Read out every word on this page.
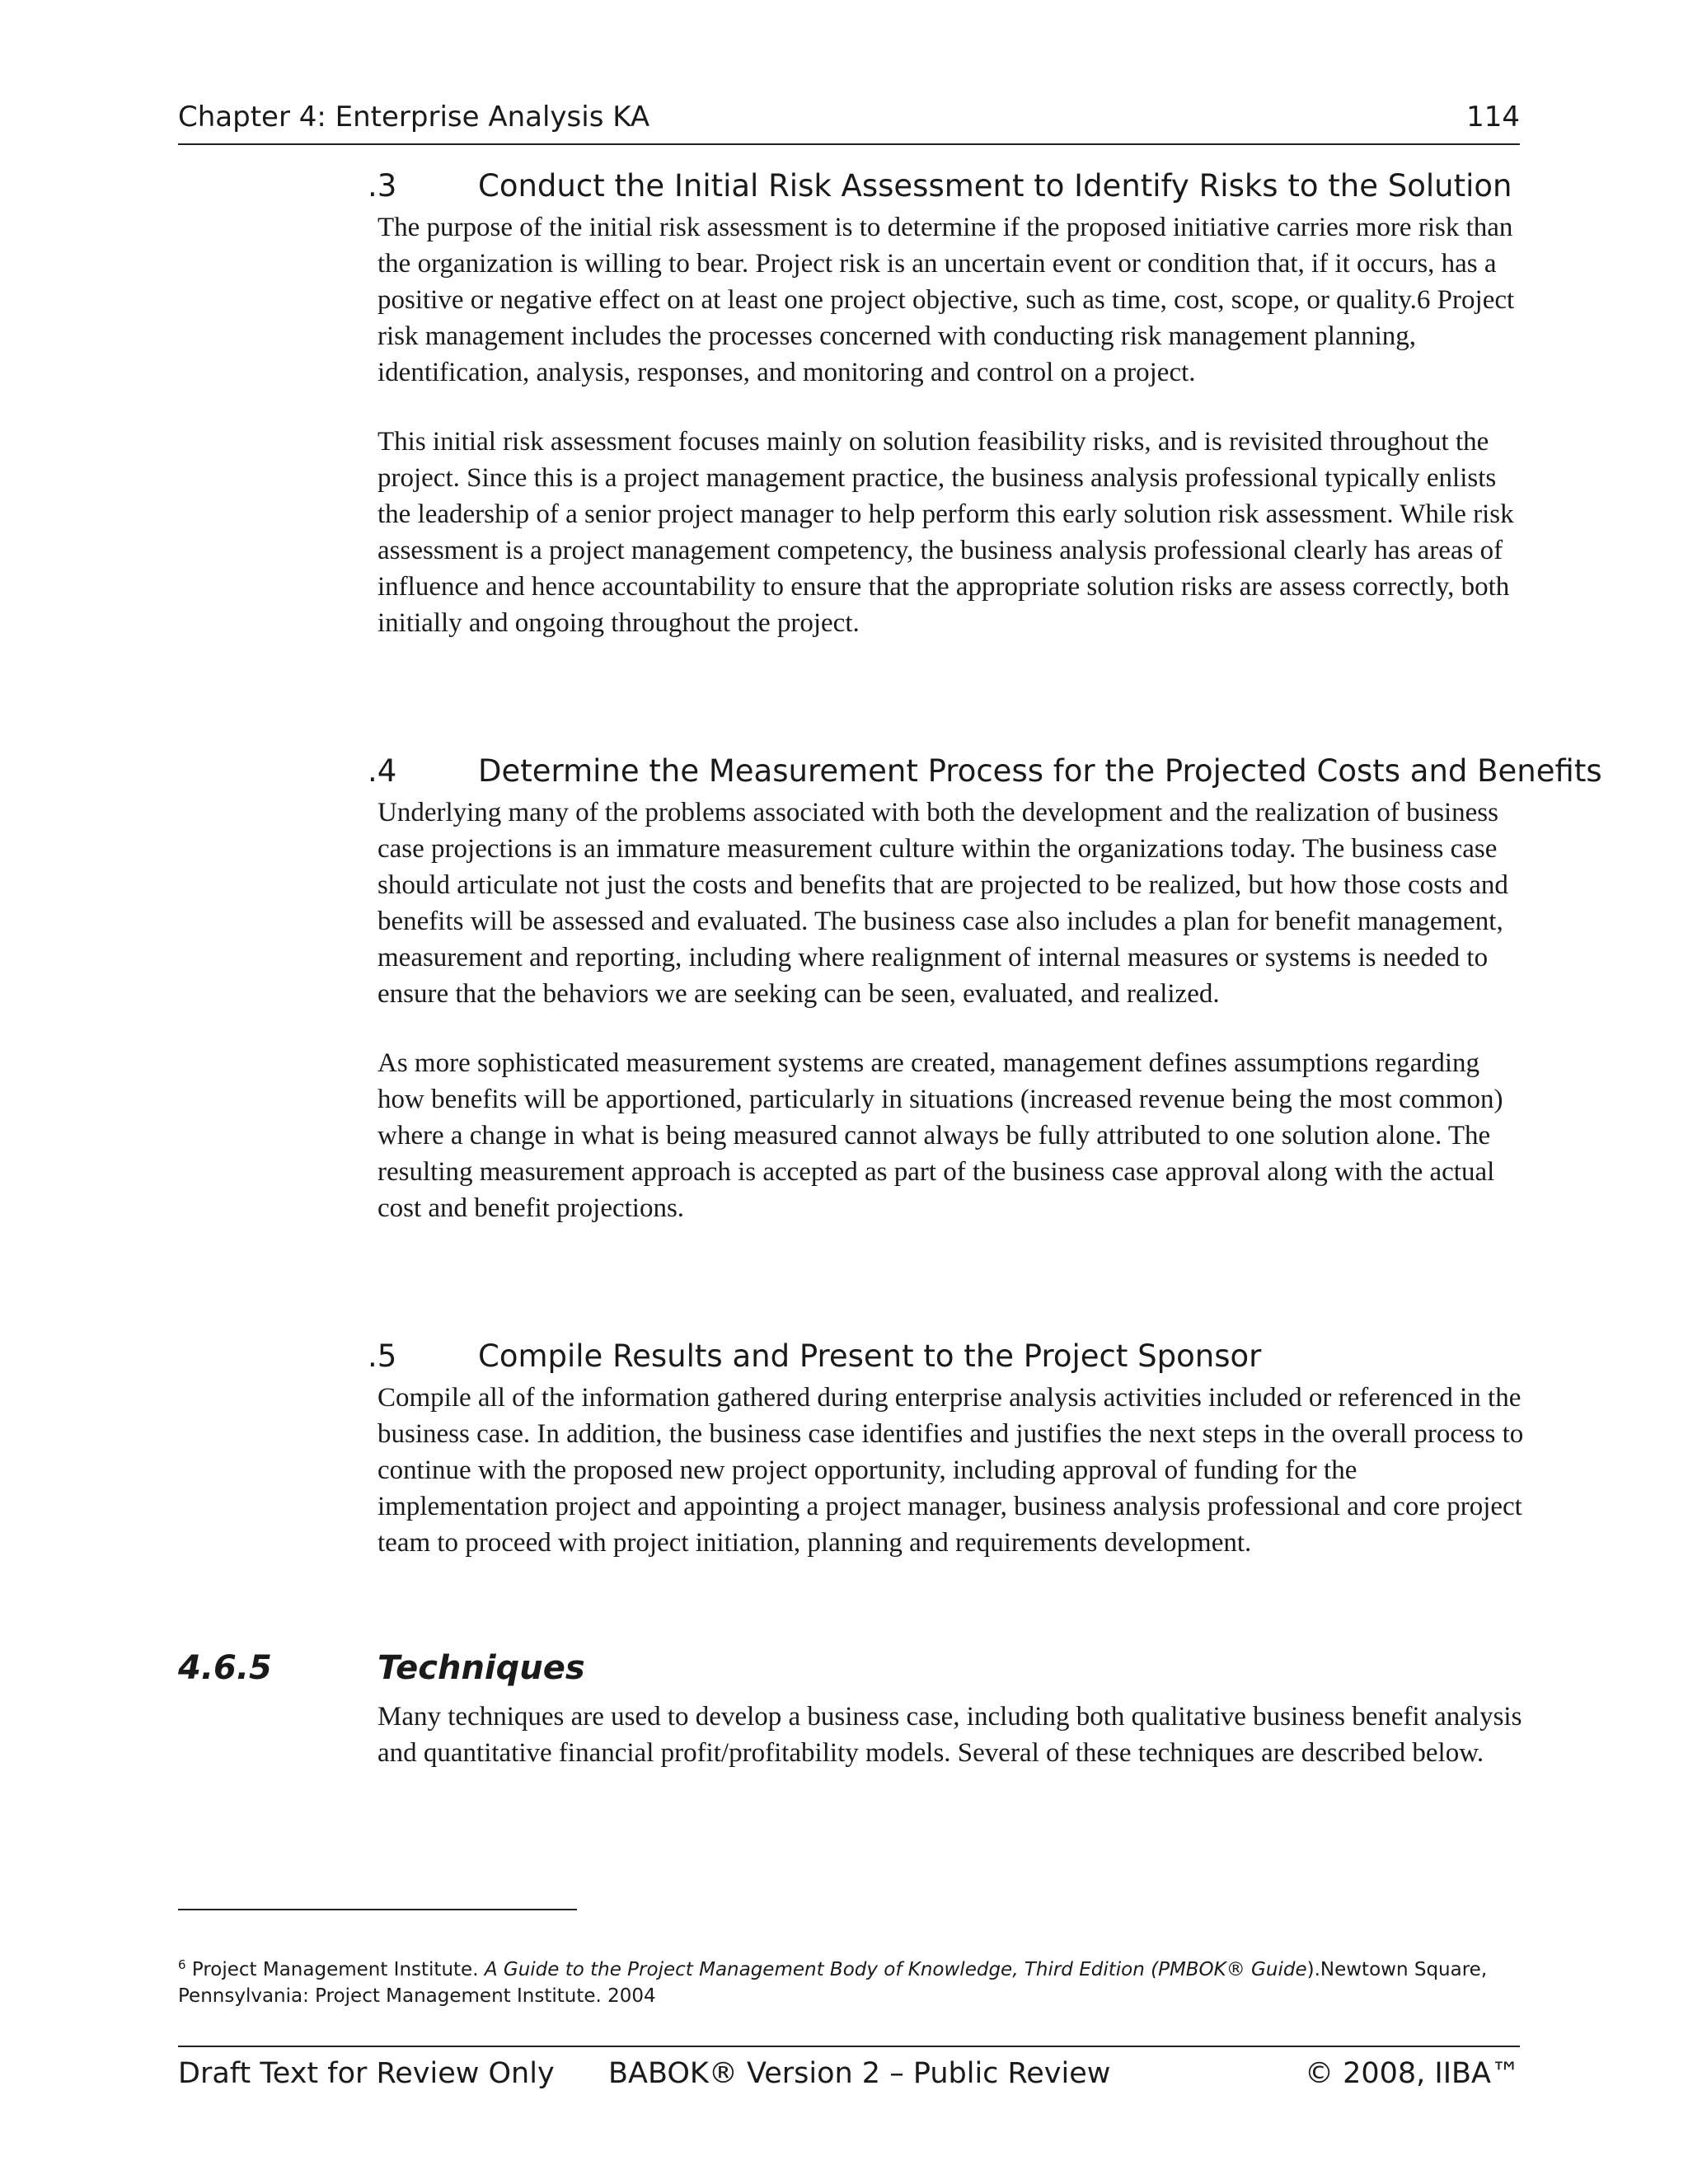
Chapter 4: Enterprise Analysis KA	114
.3	Conduct the Initial Risk Assessment to Identify Risks to the Solution

The purpose of the initial risk assessment is to determine if the proposed initiative carries more risk than the organization is willing to bear. Project risk is an uncertain event or condition that, if it occurs, has a positive or negative effect on at least one project objective, such as time, cost, scope, or quality.6 Project risk management includes the processes concerned with conducting risk management planning, identification, analysis, responses, and monitoring and control on a project.

This initial risk assessment focuses mainly on solution feasibility risks, and is revisited throughout the project. Since this is a project management practice, the business analysis professional typically enlists the leadership of a senior project manager to help perform this early solution risk assessment. While risk assessment is a project management competency, the business analysis professional clearly has areas of influence and hence accountability to ensure that the appropriate solution risks are assess correctly, both initially and ongoing throughout the project.

.4	Determine the Measurement Process for the Projected Costs and Benefits

Underlying many of the problems associated with both the development and the realization of business case projections is an immature measurement culture within the organizations today. The business case should articulate not just the costs and benefits that are projected to be realized, but how those costs and benefits will be assessed and evaluated. The business case also includes a plan for benefit management, measurement and reporting, including where realignment of internal measures or systems is needed to ensure that the behaviors we are seeking can be seen, evaluated, and realized.

As more sophisticated measurement systems are created, management defines assumptions regarding how benefits will be apportioned, particularly in situations (increased revenue being the most common) where a change in what is being measured cannot always be fully attributed to one solution alone. The resulting measurement approach is accepted as part of the business case approval along with the actual cost and benefit projections.

.5	Compile Results and Present to the Project Sponsor

Compile all of the information gathered during enterprise analysis activities included or referenced in the business case. In addition, the business case identifies and justifies the next steps in the overall process to continue with the proposed new project opportunity, including approval of funding for the implementation project and appointing a project manager, business analysis professional and core project team to proceed with project initiation, planning and requirements development.

4.6.5	Techniques

Many techniques are used to develop a business case, including both qualitative business benefit analysis and quantitative financial profit/profitability models. Several of these techniques are described below.

$^6$ Project Management Institute. A Guide to the Project Management Body of Knowledge, Third Edition (PMBOK® Guide).Newtown Square, Pennsylvania: Project Management Institute. 2004
Draft Text for Review Only BABOK® Version 2 – Public Review	© 2008, IIBA™
